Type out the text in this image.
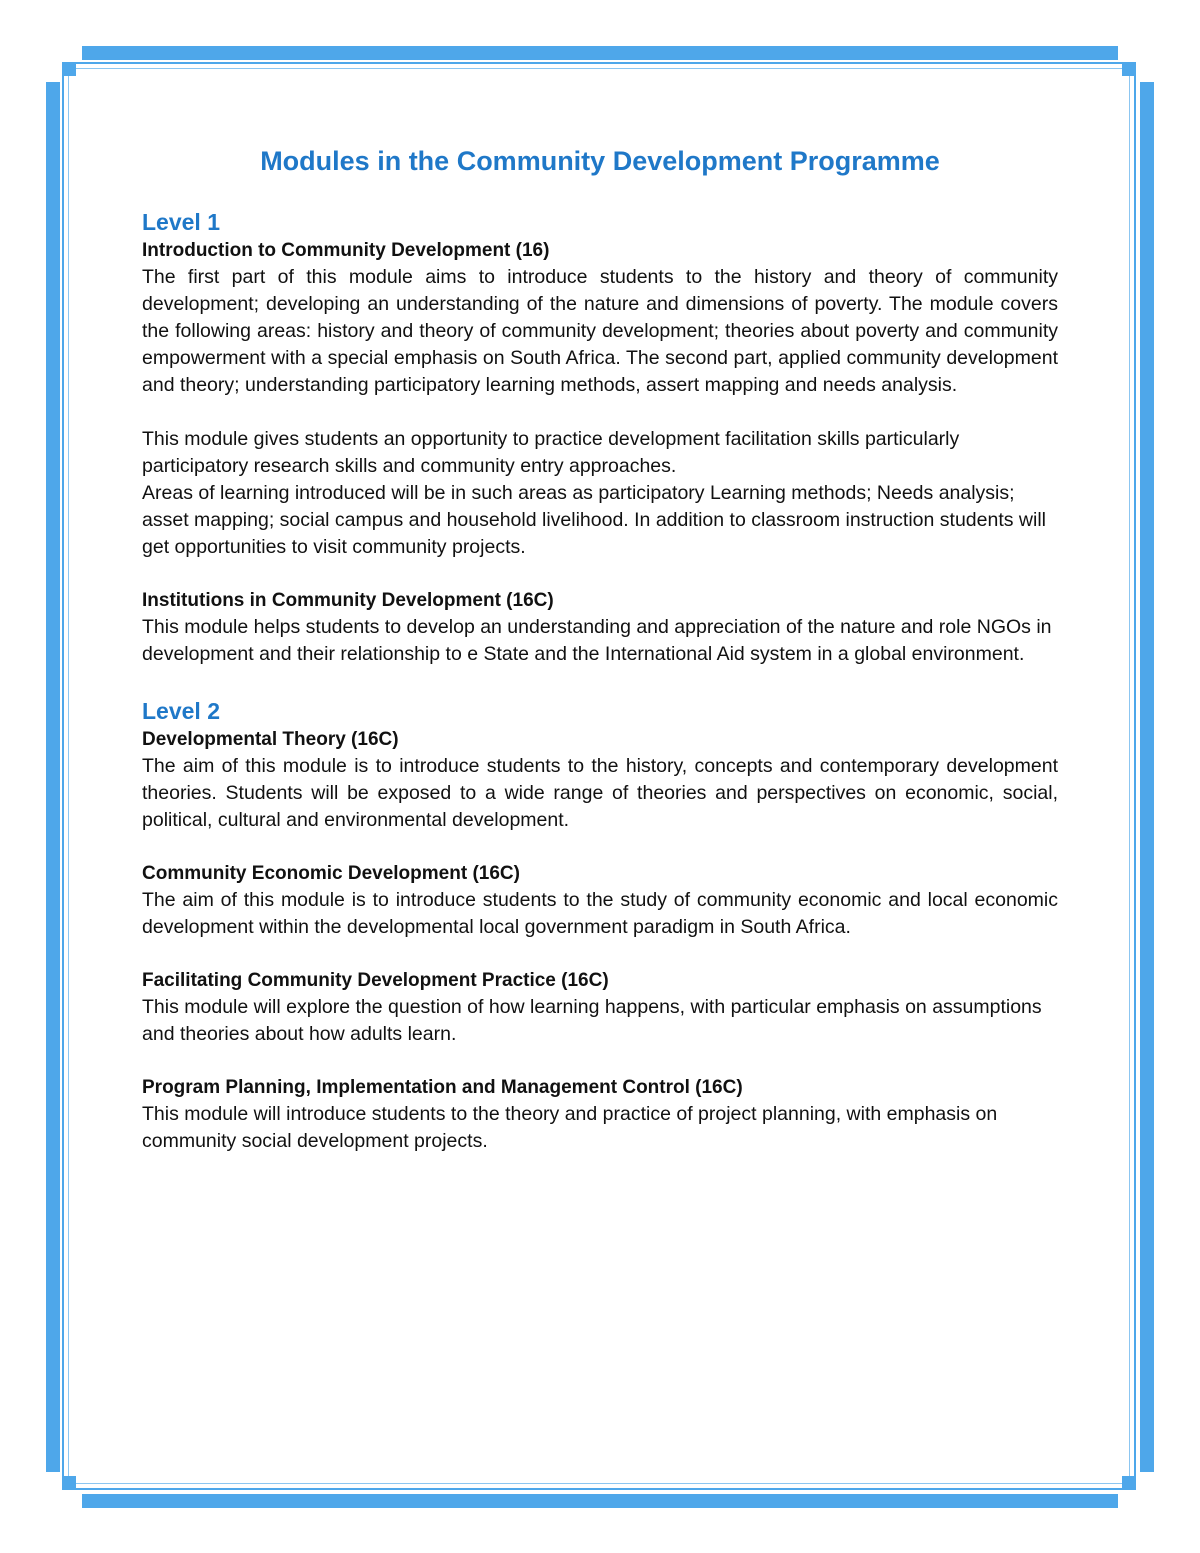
Modules in the Community Development Programme
Level 1
Introduction to Community Development (16)

The first part of this module aims to introduce students to the history and theory of community development; developing an understanding of the nature and dimensions of poverty. The module covers the following areas: history and theory of community development; theories about poverty and community empowerment with a special emphasis on South Africa. The second part, applied community development and theory; understanding participatory learning methods, assert mapping and needs analysis.

This module gives students an opportunity to practice development facilitation skills particularly participatory research skills and community entry approaches.

Areas of learning introduced will be in such areas as participatory Learning methods; Needs analysis; asset mapping; social campus and household livelihood. In addition to classroom instruction students will get opportunities to visit community projects.

Institutions in Community Development (16C)

This module helps students to develop an understanding and appreciation of the nature and role NGOs in development and their relationship to e State and the International Aid system in a global environment.

Level 2
Developmental Theory (16C)

The aim of this module is to introduce students to the history, concepts and contemporary development theories. Students will be exposed to a wide range of theories and perspectives on economic, social, political, cultural and environmental development.

Community Economic Development (16C)

The aim of this module is to introduce students to the study of community economic and local economic development within the developmental local government paradigm in South Africa.

Facilitating Community Development Practice (16C)

This module will explore the question of how learning happens, with particular emphasis on assumptions and theories about how adults learn.

Program Planning, Implementation and Management Control (16C)

This module will introduce students to the theory and practice of project planning, with emphasis on community social development projects.
